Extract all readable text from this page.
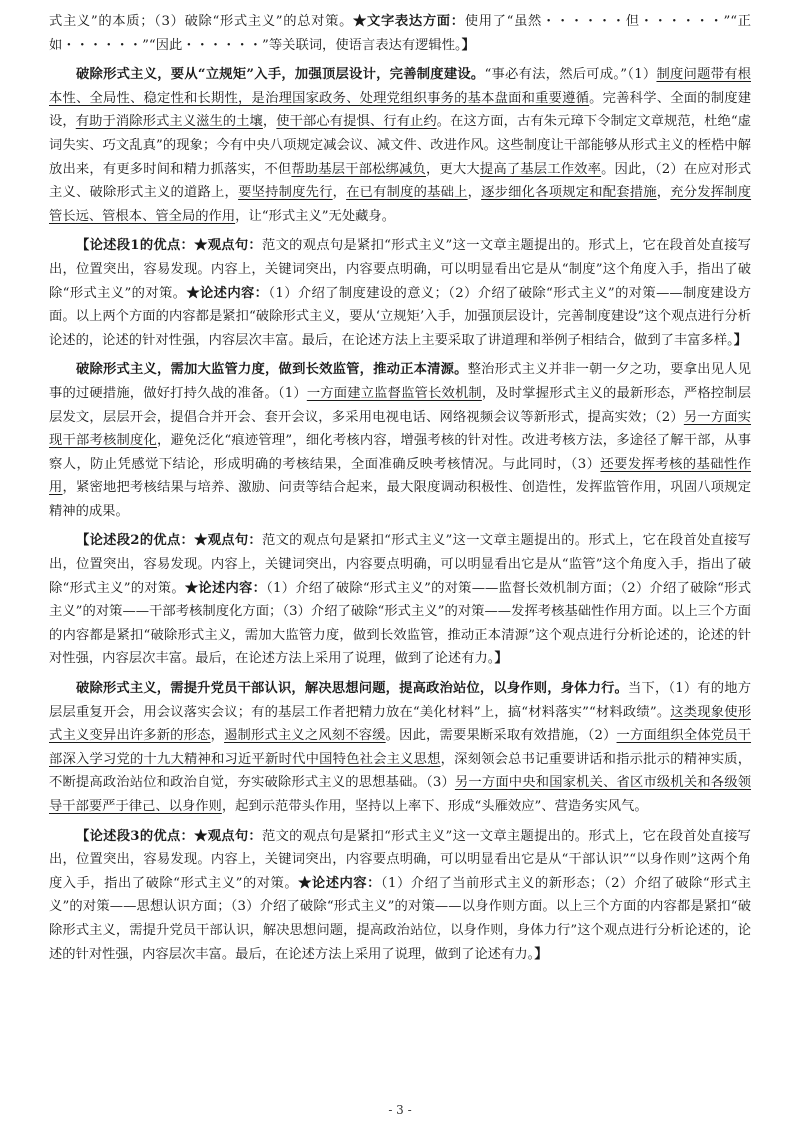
式主义”的本质；（3）破除“形式主义”的总对策。★文字表达方面：使用了“虽然・・・・・・但・・・・・・”“正如・・・・・・”“因此・・・・・・”等关联词，使语言表达有逻辑性。】

破除形式主义，要从“立规矩”入手，加强顶层设计，完善制度建设。“事必有法，然后可成。”（1）制度问题带有根本性、全局性、稳定性和长期性，是治理国家政务、处理党组织事务的基本盘面和重要遵循。完善科学、全面的制度建设，有助于消除形式主义滋生的土壤，使干部心有提惧、行有止约。在这方面，古有朱元璋下令制定文章规范，杜绝“虚词失实、巧文乱真”的现象；今有中央八项规定减会议、减文件、改进作风。这些制度让干部能够从形式主义的桎梏中解放出来，有更多时间和精力抓落实，不但帮助基层干部松绑减负，更大大提高了基层工作效率。因此，（2）在应对形式主义、破除形式主义的道路上，要坚持制度先行，在已有制度的基础上，逐步细化各项规定和配套措施，充分发挥制度管长远、管根本、管全局的作用，让“形式主义”无处藏身。

【论述段1的优点：★观点句：范文的观点句是紧扣“形式主义”这一文章主题提出的。形式上，它在段首处直接写出，位置突出，容易发现。内容上，关键词突出，内容要点明确，可以明显看出它是从“制度”这个角度入手，指出了破除“形式主义”的对策。★论述内容：（1）介绍了制度建设的意义；（2）介绍了破除“形式主义”的对策——制度建设方面。以上两个方面的内容都是紧扣“破除形式主义，要从‘立规矩’入手，加强顶层设计，完善制度建设”这个观点进行分析论述的，论述的针对性强，内容层次丰富。最后，在论述方法上主要采取了讲道理和举例子相结合，做到了丰富多样。】

破除形式主义，需加大监管力度，做到长效监管，推动正本清源。整治形式主义并非一朝一夕之功，要拿出见人见事的过硬措施，做好打持久战的准备。（1）一方面建立监督监管长效机制，及时掌握形式主义的最新形态，严格控制层层发文，层层开会，提倡合并开会、套开会议，多采用电视电话、网络视频会议等新形式，提高实效；（2）另一方面实现干部考核制度化，避免泛化“痕迹管理”，细化考核内容，增强考核的针对性。改进考核方法，多途径了解干部，从事察人，防止凭感觉下结论，形成明确的考核结果，全面准确反映考核情况。与此同时，（3）还要发挥考核的基础性作用，紧密地把考核结果与培养、激励、问责等结合起来，最大限度调动积极性、创造性，发挥监管作用，巩固八项规定精神的成果。

【论述段2的优点：★观点句：范文的观点句是紧扣“形式主义”这一文章主题提出的。形式上，它在段首处直接写出，位置突出，容易发现。内容上，关键词突出，内容要点明确，可以明显看出它是从“监管”这个角度入手，指出了破除“形式主义”的对策。★论述内容：（1）介绍了破除“形式主义”的对策——监督长效机制方面；（2）介绍了破除“形式主义”的对策——干部考核制度化方面；（3）介绍了破除“形式主义”的对策——发挥考核基础性作用方面。以上三个方面的内容都是紧扣“破除形式主义，需加大监管力度，做到长效监管，推动正本清源”这个观点进行分析论述的，论述的针对性强，内容层次丰富。最后，在论述方法上采用了说理，做到了论述有力。】

破除形式主义，需提升党员干部认识，解决思想问题，提高政治站位，以身作则，身体力行。当下，（1）有的地方层层重复开会，用会议落实会议；有的基层工作者把精力放在“美化材料”上，搞“材料落实”“材料政绩”。这类现象使形式主义变异出许多新的形态，遏制形式主义之风刻不容缓。因此，需要果断采取有效措施，（2）一方面组织全体党员干部深入学习党的十九大精神和习近平新时代中国特色社会主义思想，深刻领会总书记重要讲话和指示批示的精神实质，不断提高政治站位和政治自觉，夯实破除形式主义的思想基础。（3）另一方面中央和国家机关、省区市级机关和各级领导干部要严于律己、以身作则，起到示范带头作用，坚持以上率下、形成“头雁效应”、营造务实风气。

【论述段3的优点：★观点句：范文的观点句是紧扣“形式主义”这一文章主题提出的。形式上，它在段首处直接写出，位置突出，容易发现。内容上，关键词突出，内容要点明确，可以明显看出它是从“干部认识”“以身作则”这两个角度入手，指出了破除“形式主义”的对策。★论述内容：（1）介绍了当前形式主义的新形态；（2）介绍了破除“形式主义”的对策——思想认识方面；（3）介绍了破除“形式主义”的对策——以身作则方面。以上三个方面的内容都是紧扣“破除形式主义，需提升党员干部认识，解决思想问题，提高政治站位，以身作则，身体力行”这个观点进行分析论述的，论述的针对性强，内容层次丰富。最后，在论述方法上采用了说理，做到了论述有力。】

- 3 -
